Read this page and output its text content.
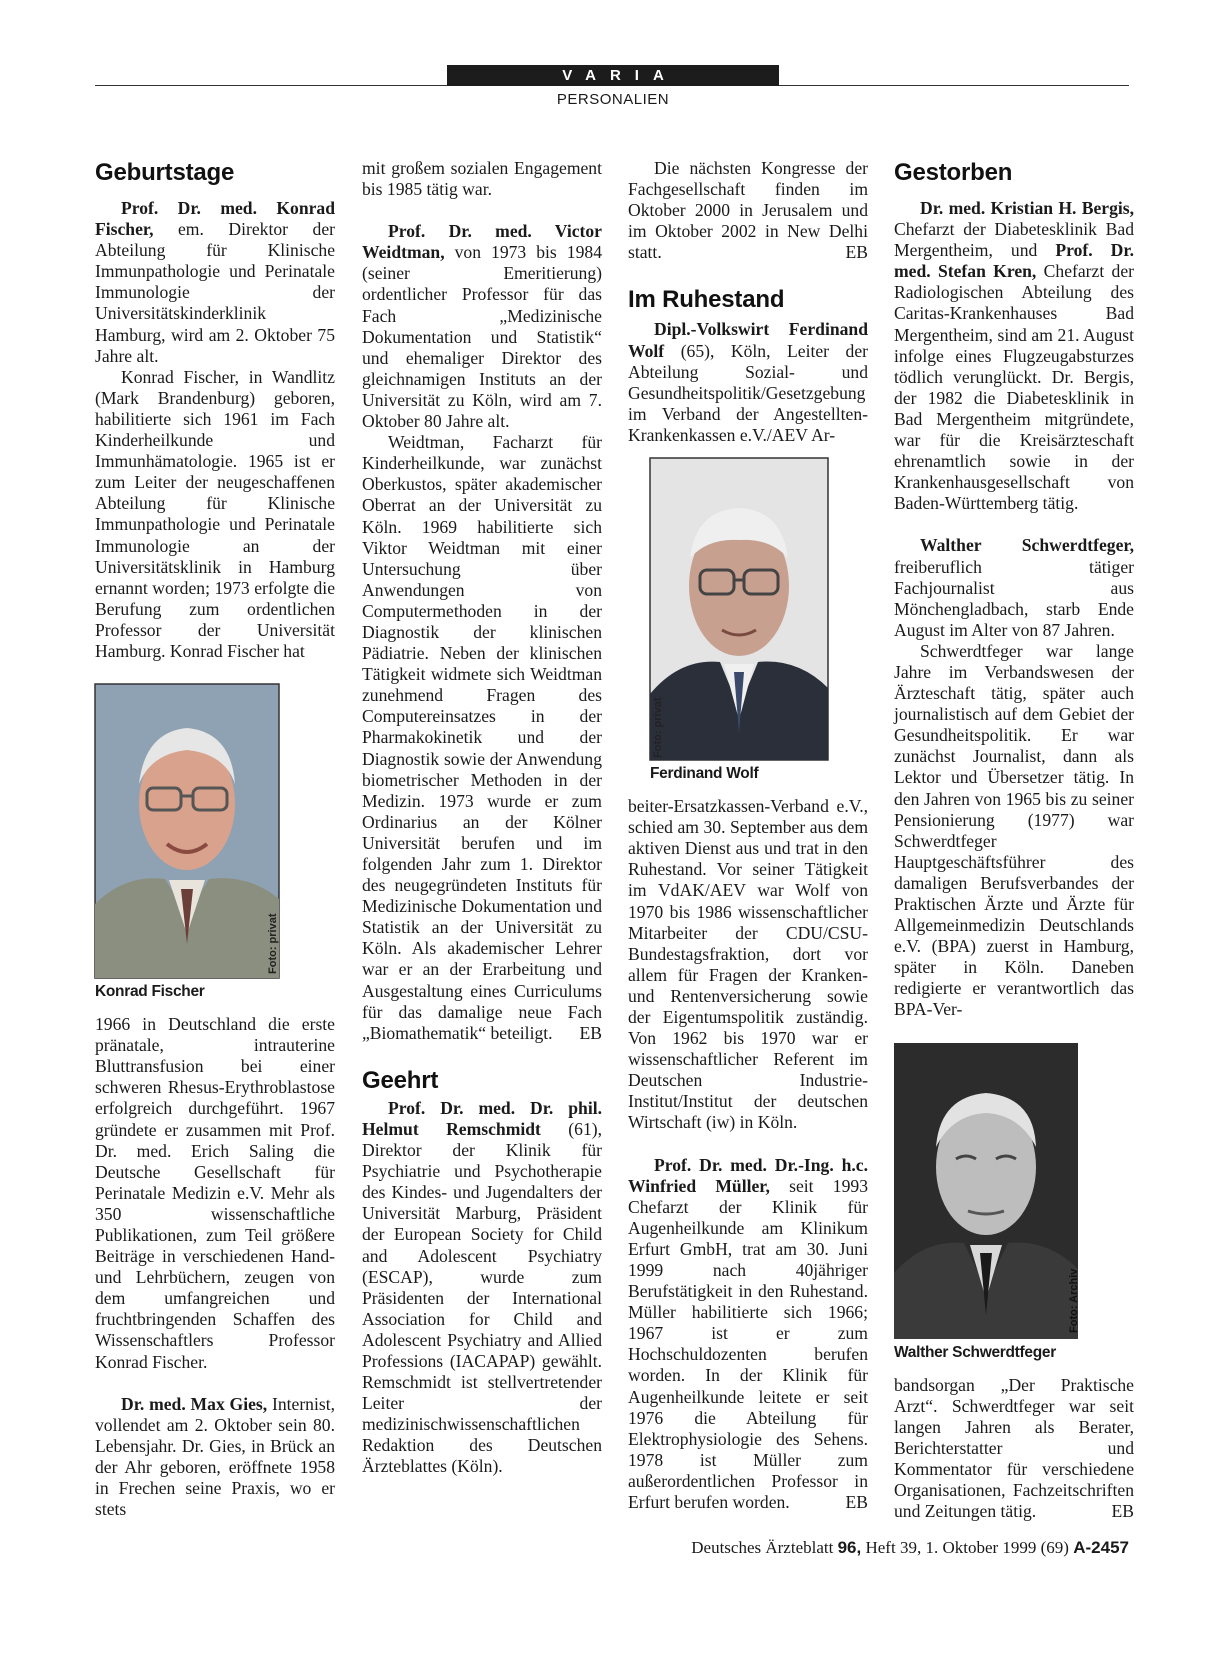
VARIA
PERSONALIEN
Geburtstage

Prof. Dr. med. Konrad Fischer, em. Direktor der Abteilung für Klinische Immunpathologie und Perinatale Immunologie der Universitätskinderklinik Hamburg, wird am 2. Oktober 75 Jahre alt.

Konrad Fischer, in Wandlitz (Mark Brandenburg) geboren, habilitierte sich 1961 im Fach Kinderheilkunde und Immunhämatologie. 1965 ist er zum Leiter der neugeschaffenen Abteilung für Klinische Immunpathologie und Perinatale Immunologie an der Universitätsklinik in Hamburg ernannt worden; 1973 erfolgte die Berufung zum ordentlichen Professor der Universität Hamburg. Konrad Fischer hat

Foto: privat
Konrad Fischer

1966 in Deutschland die erste pränatale, intrauterine Bluttransfusion bei einer schweren Rhesus-Erythroblastose erfolgreich durchgeführt. 1967 gründete er zusammen mit Prof. Dr. med. Erich Saling die Deutsche Gesellschaft für Perinatale Medizin e.V. Mehr als 350 wissenschaftliche Publikationen, zum Teil größere Beiträge in verschiedenen Hand- und Lehrbüchern, zeugen von dem umfangreichen und fruchtbringenden Schaffen des Wissenschaftlers Professor Konrad Fischer.

Dr. med. Max Gies, Internist, vollendet am 2. Oktober sein 80. Lebensjahr. Dr. Gies, in Brück an der Ahr geboren, eröffnete 1958 in Frechen seine Praxis, wo er stets

mit großem sozialen Engagement bis 1985 tätig war.

Prof. Dr. med. Victor Weidtman, von 1973 bis 1984 (seiner Emeritierung) ordentlicher Professor für das Fach „Medizinische Dokumentation und Statistik“ und ehemaliger Direktor des gleichnamigen Instituts an der Universität zu Köln, wird am 7. Oktober 80 Jahre alt.

Weidtman, Facharzt für Kinderheilkunde, war zunächst Oberkustos, später akademischer Oberrat an der Universität zu Köln. 1969 habilitierte sich Viktor Weidtman mit einer Untersuchung über Anwendungen von Computermethoden in der Diagnostik der klinischen Pädiatrie. Neben der klinischen Tätigkeit widmete sich Weidtman zunehmend Fragen des Computereinsatzes in der Pharmakokinetik und der Diagnostik sowie der Anwendung biometrischer Methoden in der Medizin. 1973 wurde er zum Ordinarius an der Kölner Universität berufen und im folgenden Jahr zum 1. Direktor des neugegründeten Instituts für Medizinische Dokumentation und Statistik an der Universität zu Köln. Als akademischer Lehrer war er an der Erarbeitung und Ausgestaltung eines Curriculums für das damalige neue Fach „Biomathematik“ beteiligt.	EB

Geehrt

Prof. Dr. med. Dr. phil. Helmut Remschmidt (61), Direktor der Klinik für Psychiatrie und Psychotherapie des Kindes- und Jugendalters der Universität Marburg, Präsident der European Society for Child and Adolescent Psychiatry (ESCAP), wurde zum Präsidenten der International Association for Child and Adolescent Psychiatry and Allied Professions (IACAPAP) gewählt. Remschmidt ist stellvertretender Leiter der medizinischwissenschaftlichen Redaktion des Deutschen Ärzteblattes (Köln).

Die nächsten Kongresse der Fachgesellschaft finden im Oktober 2000 in Jerusalem und im Oktober 2002 in New Delhi statt.	EB

Im Ruhestand

Dipl.-Volkswirt Ferdinand Wolf (65), Köln, Leiter der Abteilung Sozial- und Gesundheitspolitik/Gesetzgebung im Verband der Angestellten-Krankenkassen e.V./AEV Ar-

Foto: privat
Ferdinand Wolf

beiter-Ersatzkassen-Verband e.V., schied am 30. September aus dem aktiven Dienst aus und trat in den Ruhestand. Vor seiner Tätigkeit im VdAK/AEV war Wolf von 1970 bis 1986 wissenschaftlicher Mitarbeiter der CDU/CSU-Bundestagsfraktion, dort vor allem für Fragen der Kranken- und Rentenversicherung sowie der Eigentumspolitik zuständig. Von 1962 bis 1970 war er wissenschaftlicher Referent im Deutschen Industrie-Institut/Institut der deutschen Wirtschaft (iw) in Köln.

Prof. Dr. med. Dr.-Ing. h.c. Winfried Müller, seit 1993 Chefarzt der Klinik für Augenheilkunde am Klinikum Erfurt GmbH, trat am 30. Juni 1999 nach 40jähriger Berufstätigkeit in den Ruhestand. Müller habilitierte sich 1966; 1967 ist er zum Hochschuldozenten berufen worden. In der Klinik für Augenheilkunde leitete er seit 1976 die Abteilung für Elektrophysiologie des Sehens. 1978 ist Müller zum außerordentlichen Professor in Erfurt berufen worden.	EB

Gestorben

Dr. med. Kristian H. Bergis, Chefarzt der Diabetesklinik Bad Mergentheim, und Prof. Dr. med. Stefan Kren, Chefarzt der Radiologischen Abteilung des Caritas-Krankenhauses Bad Mergentheim, sind am 21. August infolge eines Flugzeugabsturzes tödlich verunglückt. Dr. Bergis, der 1982 die Diabetesklinik in Bad Mergentheim mitgründete, war für die Kreisärzteschaft ehrenamtlich sowie in der Krankenhausgesellschaft von Baden-Württemberg tätig.

Walther Schwerdtfeger, freiberuflich tätiger Fachjournalist aus Mönchengladbach, starb Ende August im Alter von 87 Jahren.

Schwerdtfeger war lange Jahre im Verbandswesen der Ärzteschaft tätig, später auch journalistisch auf dem Gebiet der Gesundheitspolitik. Er war zunächst Journalist, dann als Lektor und Übersetzer tätig. In den Jahren von 1965 bis zu seiner Pensionierung (1977) war Schwerdtfeger Hauptgeschäftsführer des damaligen Berufsverbandes der Praktischen Ärzte und Ärzte für Allgemeinmedizin Deutschlands e.V. (BPA) zuerst in Hamburg, später in Köln. Daneben redigierte er verantwortlich das BPA-Ver-

Foto: Archiv
Walther Schwerdtfeger

bandsorgan „Der Praktische Arzt“. Schwerdtfeger war seit langen Jahren als Berater, Berichterstatter und Kommentator für verschiedene Organisationen, Fachzeitschriften und Zeitungen tätig.	EB

Deutsches Ärzteblatt 96, Heft 39, 1. Oktober 1999 (69) A-2457
